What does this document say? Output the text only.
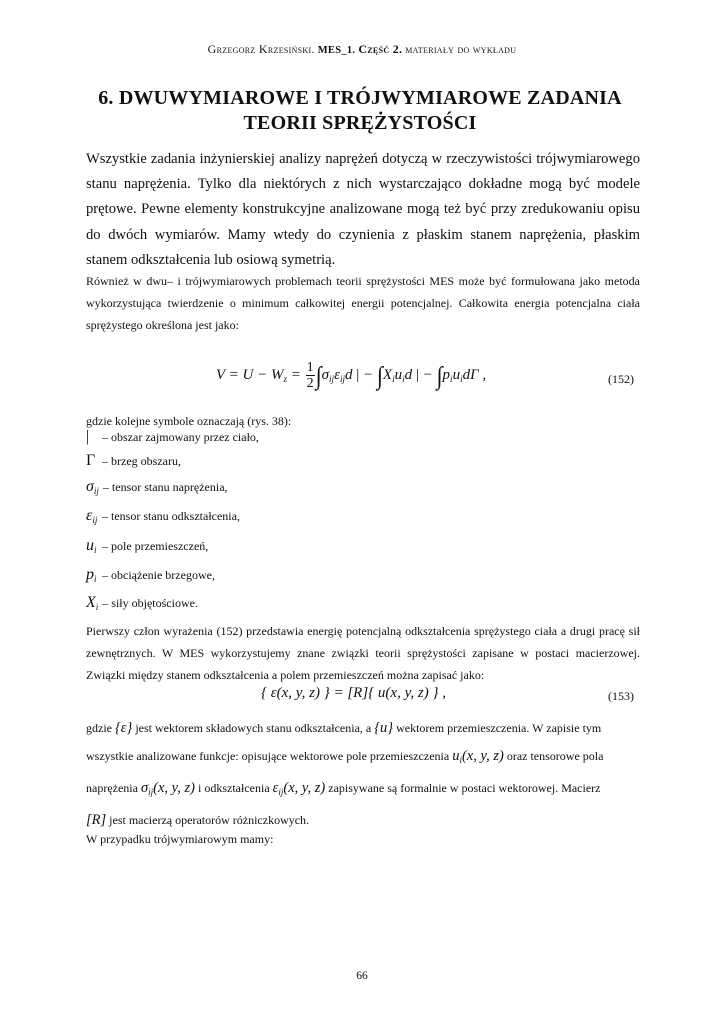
Grzegorz Krzesiński. MES_1. Część 2. materiały do wykładu
6. DWUWYMIAROWE I TRÓJWYMIAROWE ZADANIA
TEORII SPRĘŻYSTOŚCI
Wszystkie zadania inżynierskiej analizy naprężeń dotyczą w rzeczywistości trójwymiarowego stanu naprężenia. Tylko dla niektórych z nich wystarczająco dokładne mogą być modele prętowe. Pewne elementy konstrukcyjne analizowane mogą też być przy zredukowaniu opisu do dwóch wymiarów. Mamy wtedy do czynienia z płaskim stanem naprężenia, płaskim stanem odkształcenia lub osiową symetrią.
Również w dwu– i trójwymiarowych problemach teorii sprężystości MES może być formułowana jako metoda wykorzystująca twierdzenie o minimum całkowitej energii potencjalnej. Całkowita energia potencjalna ciała sprężystego określona jest jako:
$V = U - W_z = \frac{1}{2} \int\sigma_{ij}\varepsilon_{ij}d$ | − $\int X_iu_id$ | − $\int p_iu_id\Gamma$ ,	(152)
gdzie kolejne symbole oznaczają (rys. 38):
| – obszar zajmowany przez ciało,
Γ – brzeg obszaru,
$\sigma_{ij}$ – tensor stanu naprężenia,
$\varepsilon_{ij}$ – tensor stanu odkształcenia,
$u_i$ – pole przemieszczeń,
$p_i$ – obciążenie brzegowe,
$X_i$ – siły objętościowe.
Pierwszy człon wyrażenia (152) przedstawia energię potencjalną odkształcenia sprężystego ciała a drugi pracę sił zewnętrznych. W MES wykorzystujemy znane związki teorii sprężystości zapisane w postaci macierzowej. Związki między stanem odkształcenia a polem przemieszczeń można zapisać jako:
{ ε(x, y, z) } = [R]{ u(x, y, z) } ,	(153)
gdzie {ε} jest wektorem składowych stanu odkształcenia, a {u} wektorem przemieszczenia. W zapisie tym
wszystkie analizowane funkcje: opisujące wektorowe pole przemieszczenia $u_i(x$, y, z) oraz tensorowe pola
naprężenia $\sigma_{ij}(x$, y, z) i odkształcenia $\varepsilon_{ij}(x$, y, z) zapisywane są formalnie w postaci wektorowej. Macierz
[R] jest macierzą operatorów różniczkowych.
W przypadku trójwymiarowym mamy:
66
